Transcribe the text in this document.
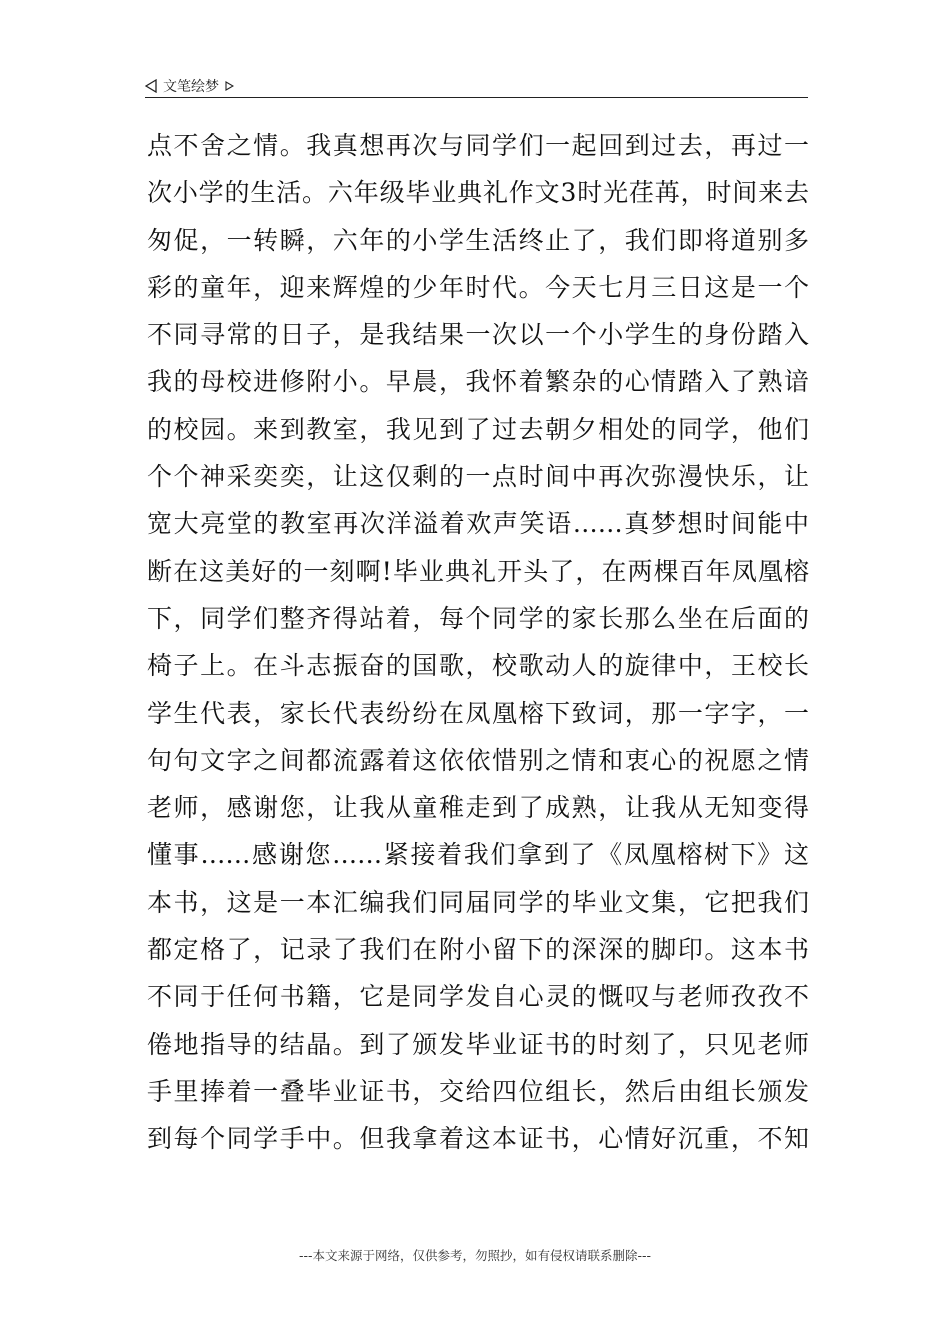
文笔绘梦
点不舍之情。我真想再次与同学们一起回到过去，再过一
次小学的生活。六年级毕业典礼作文3时光荏苒，时间来去
匆促，一转瞬，六年的小学生活终止了，我们即将道别多
彩的童年，迎来辉煌的少年时代。今天七月三日这是一个
不同寻常的日子，是我结果一次以一个小学生的身份踏入
我的母校进修附小。早晨，我怀着繁杂的心情踏入了熟谙
的校园。来到教室，我见到了过去朝夕相处的同学，他们
个个神采奕奕，让这仅剩的一点时间中再次弥漫快乐，让
宽大亮堂的教室再次洋溢着欢声笑语……真梦想时间能中
断在这美好的一刻啊!毕业典礼开头了，在两棵百年凤凰榕
下，同学们整齐得站着，每个同学的家长那么坐在后面的
椅子上。在斗志振奋的国歌，校歌动人的旋律中，王校长
学生代表，家长代表纷纷在凤凰榕下致词，那一字字，一
句句文字之间都流露着这依依惜别之情和衷心的祝愿之情
老师，感谢您，让我从童稚走到了成熟，让我从无知变得
懂事……感谢您……紧接着我们拿到了《凤凰榕树下》这
本书，这是一本汇编我们同届同学的毕业文集，它把我们
都定格了，记录了我们在附小留下的深深的脚印。这本书
不同于任何书籍，它是同学发自心灵的慨叹与老师孜孜不
倦地指导的结晶。到了颁发毕业证书的时刻了，只见老师
手里捧着一叠毕业证书，交给四位组长，然后由组长颁发
到每个同学手中。但我拿着这本证书，心情好沉重，不知
---本文来源于网络，仅供参考，勿照抄，如有侵权请联系删除---
